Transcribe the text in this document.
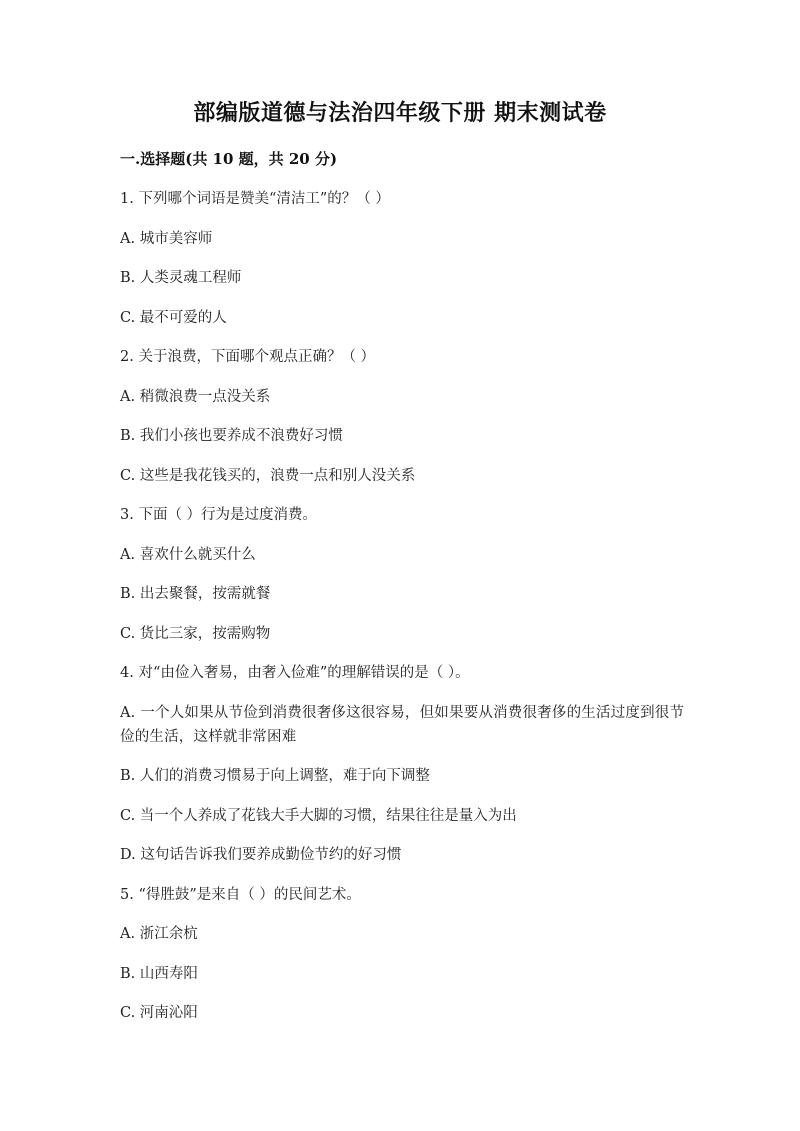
部编版道德与法治四年级下册 期末测试卷
一.选择题(共 10 题，共 20 分)
1. 下列哪个词语是赞美“清洁工”的？（ ）
A. 城市美容师
B. 人类灵魂工程师
C. 最不可爱的人
2. 关于浪费，下面哪个观点正确？（ ）
A. 稍微浪费一点没关系
B. 我们小孩也要养成不浪费好习惯
C. 这些是我花钱买的，浪费一点和别人没关系
3. 下面（ ）行为是过度消费。
A. 喜欢什么就买什么
B. 出去聚餐，按需就餐
C. 货比三家，按需购物
4. 对“由俭入奢易，由奢入俭难”的理解错误的是（ ）。
A. 一个人如果从节俭到消费很奢侈这很容易，但如果要从消费很奢侈的生活过度到很节俭的生活，这样就非常困难
B. 人们的消费习惯易于向上调整，难于向下调整
C. 当一个人养成了花钱大手大脚的习惯，结果往往是量入为出
D. 这句话告诉我们要养成勤俭节约的好习惯
5. “得胜鼓”是来自（ ）的民间艺术。
A. 浙江余杭
B. 山西寿阳
C. 河南沁阳
